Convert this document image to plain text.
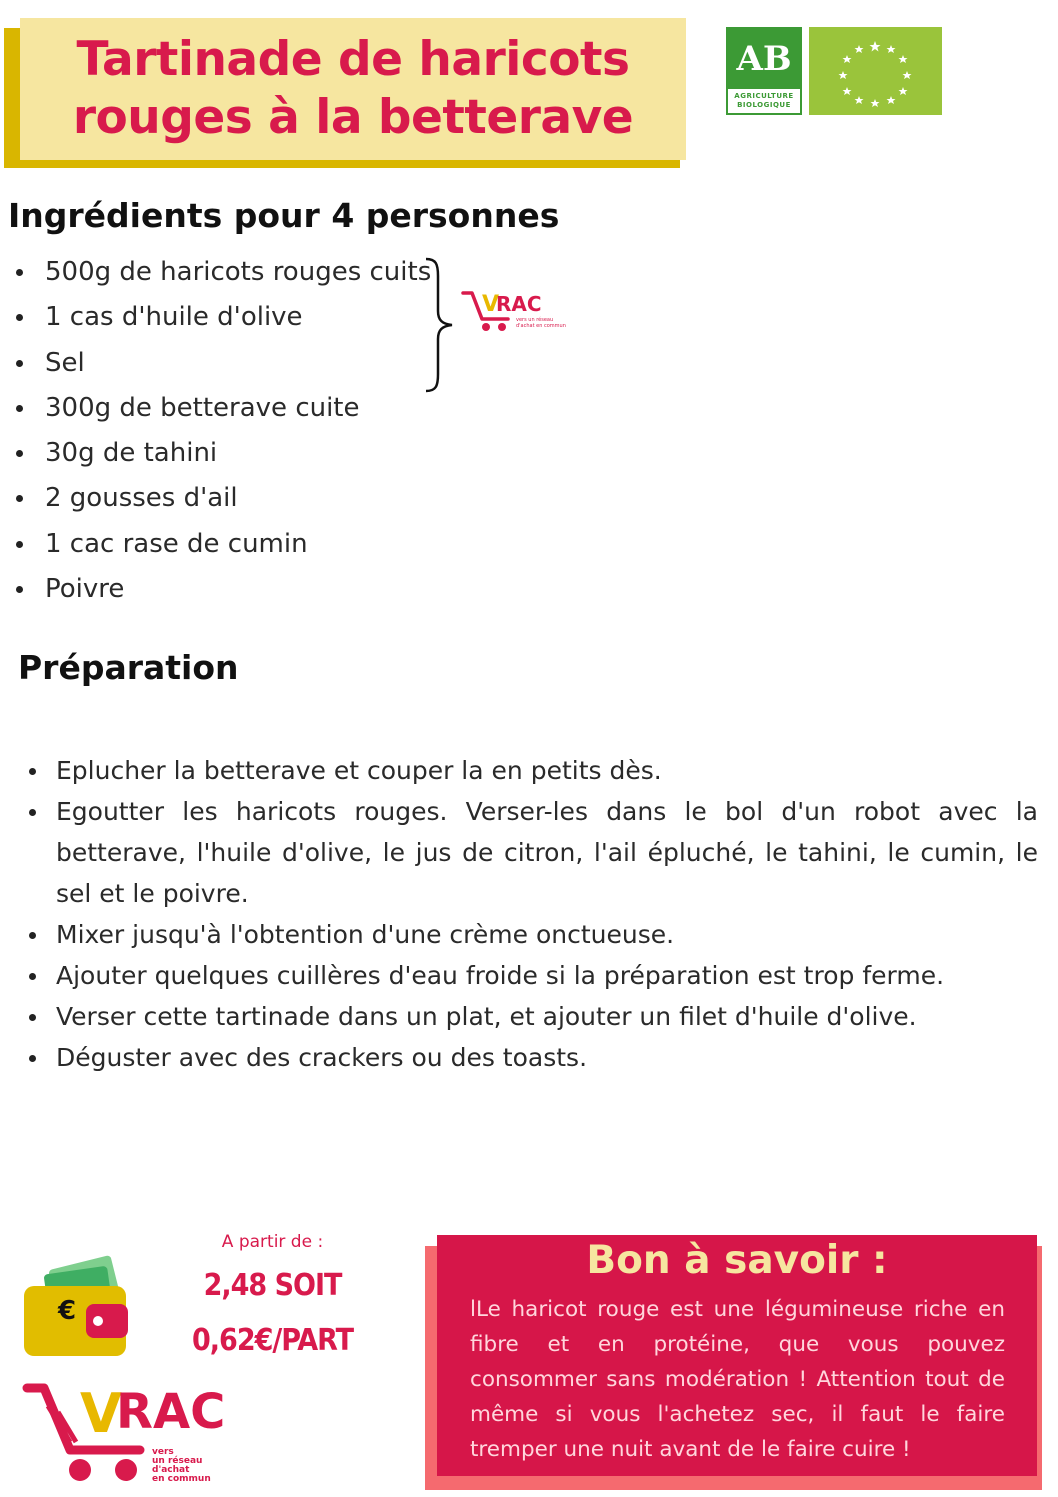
Tartinade de haricots
rouges à la betterave
AB
AGRICULTURE
BIOLOGIQUE
Ingrédients pour 4 personnes
500g de haricots rouges cuits
1 cas d'huile d'olive
Sel
300g de betterave cuite
30g de tahini
2 gousses d'ail
1 cac rase de cumin
Poivre
V
RAC
vers un réseau
d'achat en commun
Préparation
Eplucher la betterave et couper la en petits dès.
Egoutter les haricots rouges. Verser-les dans le bol d'un robot avec la betterave, l'huile d'olive, le jus de citron, l'ail épluché, le tahini, le cumin, le sel et le poivre.
Mixer jusqu'à l'obtention d'une crème onctueuse.
Ajouter quelques cuillères d'eau froide si la préparation est trop ferme.
Verser cette tartinade dans un plat, et ajouter un filet d'huile d'olive.
Déguster avec des crackers ou des toasts.
€
A partir de :
2,48 SOIT
0,62€/PART
V
RAC
vers
un réseau
d'achat
en commun
Bon à savoir :
lLe haricot rouge est une légumineuse riche en fibre et en protéine, que vous pouvez consommer sans modération ! Attention tout de même si vous l'achetez sec, il faut le faire tremper une nuit avant de le faire cuire !
